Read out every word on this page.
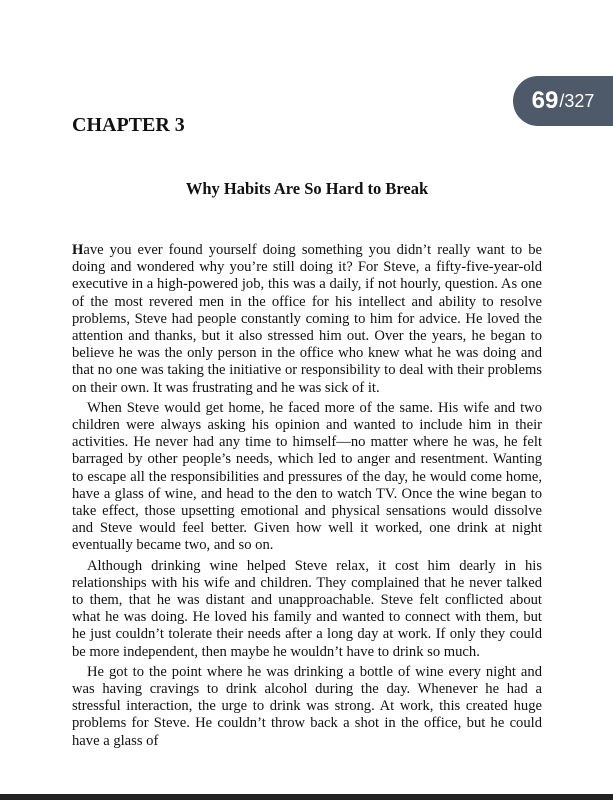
69 / 327
CHAPTER 3
Why Habits Are So Hard to Break

Have you ever found yourself doing something you didn’t really want to be doing and wondered why you’re still doing it? For Steve, a fifty-five-year-old executive in a high-powered job, this was a daily, if not hourly, question. As one of the most revered men in the office for his intellect and ability to resolve problems, Steve had people constantly coming to him for advice. He loved the attention and thanks, but it also stressed him out. Over the years, he began to believe he was the only person in the office who knew what he was doing and that no one was taking the initiative or responsibility to deal with their problems on their own. It was frustrating and he was sick of it.

When Steve would get home, he faced more of the same. His wife and two children were always asking his opinion and wanted to include him in their activities. He never had any time to himself—no matter where he was, he felt barraged by other people’s needs, which led to anger and resentment. Wanting to escape all the responsibilities and pressures of the day, he would come home, have a glass of wine, and head to the den to watch TV. Once the wine began to take effect, those upsetting emotional and physical sensations would dissolve and Steve would feel better. Given how well it worked, one drink at night eventually became two, and so on.

Although drinking wine helped Steve relax, it cost him dearly in his relationships with his wife and children. They complained that he never talked to them, that he was distant and unapproachable. Steve felt conflicted about what he was doing. He loved his family and wanted to connect with them, but he just couldn’t tolerate their needs after a long day at work. If only they could be more independent, then maybe he wouldn’t have to drink so much.

He got to the point where he was drinking a bottle of wine every night and was having cravings to drink alcohol during the day. Whenever he had a stressful interaction, the urge to drink was strong. At work, this created huge problems for Steve. He couldn’t throw back a shot in the office, but he could have a glass of
